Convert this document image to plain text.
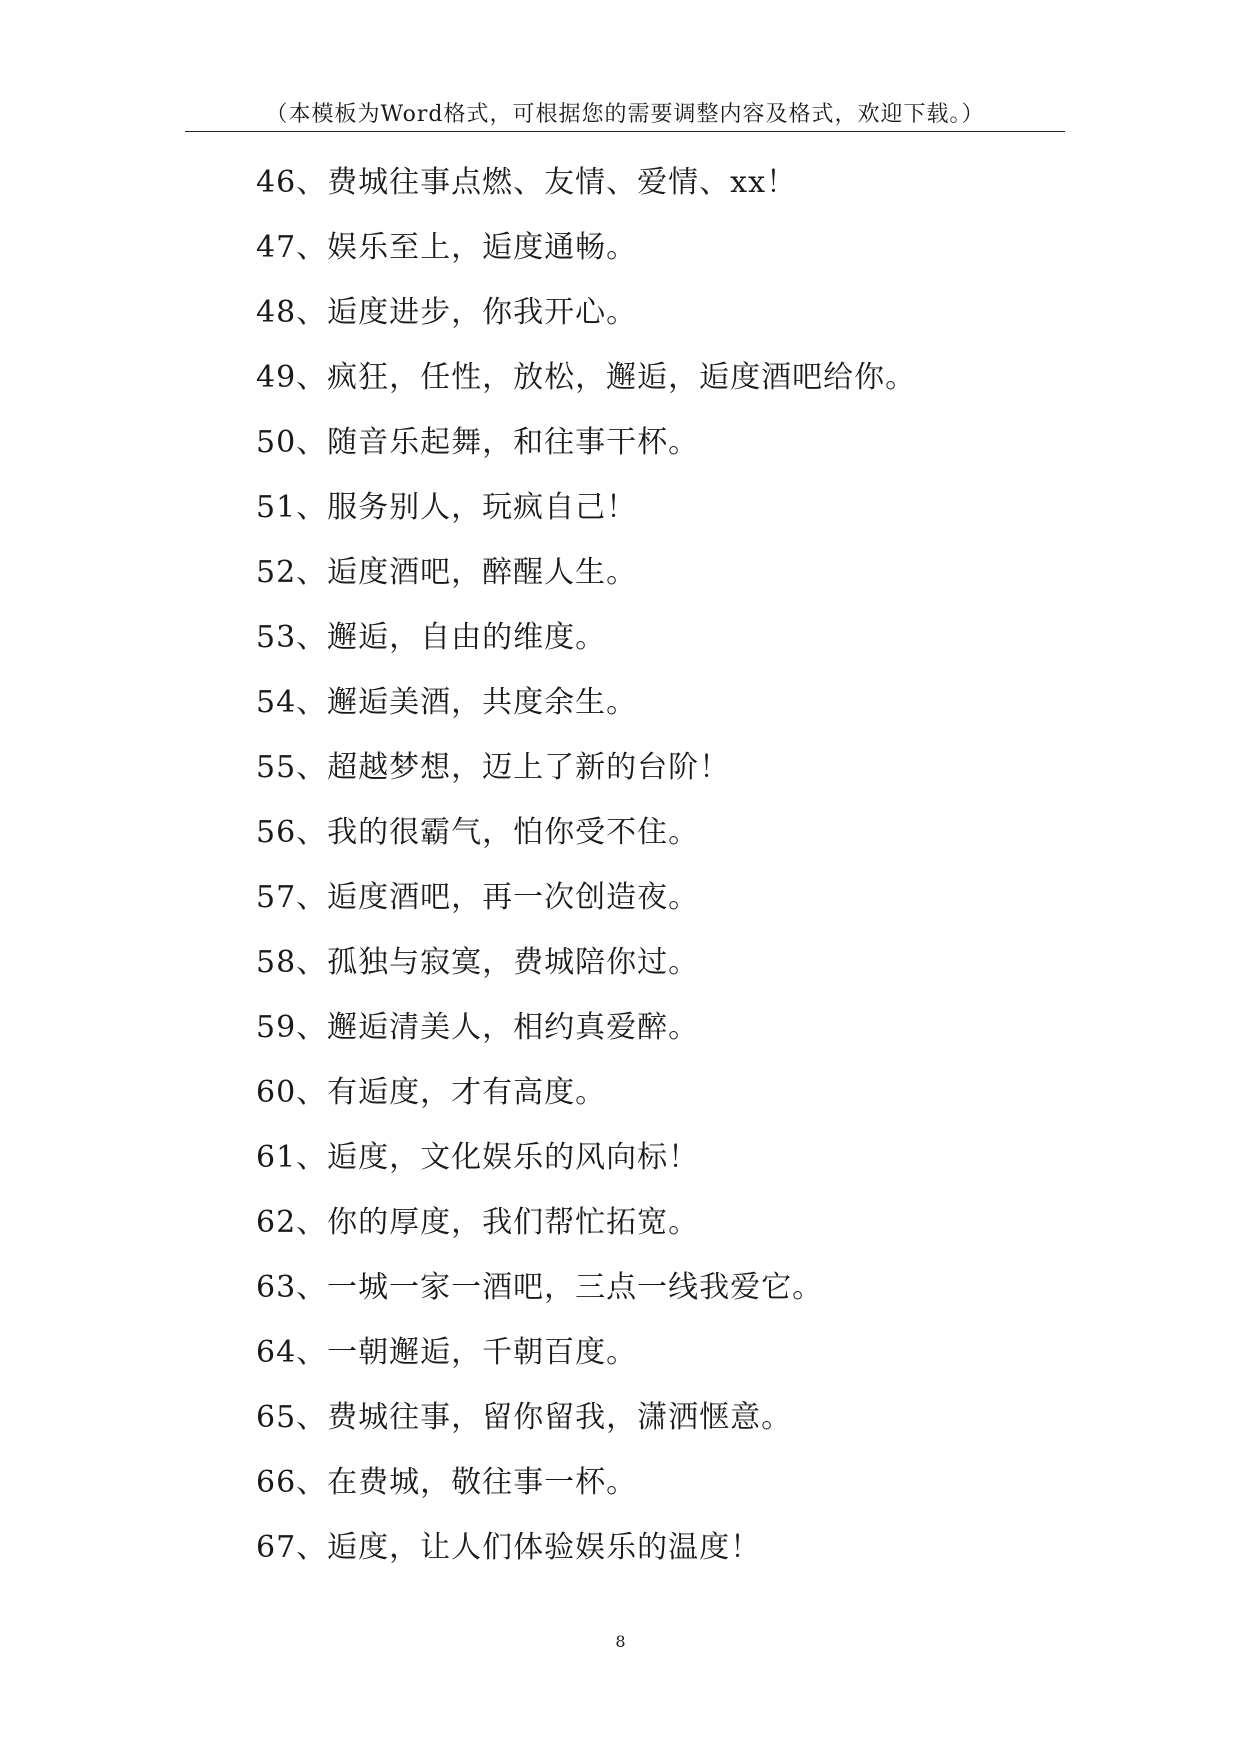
（本模板为Word格式，可根据您的需要调整内容及格式，欢迎下载。）
46、费城往事点燃、友情、爱情、xx！
47、娱乐至上，逅度通畅。
48、逅度进步，你我开心。
49、疯狂，任性，放松，邂逅，逅度酒吧给你。
50、随音乐起舞，和往事干杯。
51、服务别人，玩疯自己！
52、逅度酒吧，醉醒人生。
53、邂逅，自由的维度。
54、邂逅美酒，共度余生。
55、超越梦想，迈上了新的台阶！
56、我的很霸气，怕你受不住。
57、逅度酒吧，再一次创造夜。
58、孤独与寂寞，费城陪你过。
59、邂逅清美人，相约真爱醉。
60、有逅度，才有高度。
61、逅度，文化娱乐的风向标！
62、你的厚度，我们帮忙拓宽。
63、一城一家一酒吧，三点一线我爱它。
64、一朝邂逅，千朝百度。
65、费城往事，留你留我，潇洒惬意。
66、在费城，敬往事一杯。
67、逅度，让人们体验娱乐的温度！
8
